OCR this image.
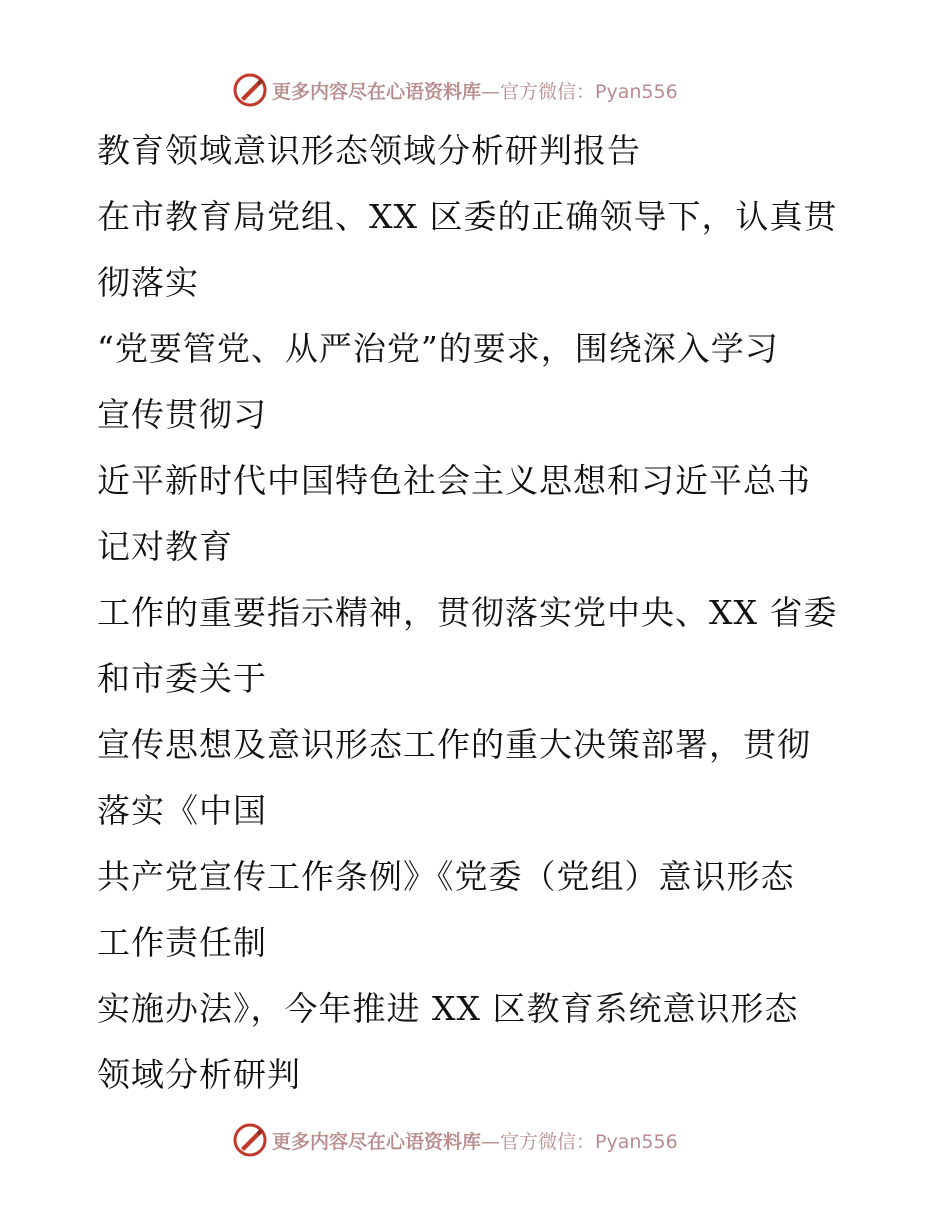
更多内容尽在心语资料库—官方微信：Pyan556
教育领域意识形态领域分析研判报告
在市教育局党组、XX 区委的正确领导下，认真贯
彻落实
“党要管党、从严治党”的要求，围绕深入学习
宣传贯彻习
近平新时代中国特色社会主义思想和习近平总书
记对教育
工作的重要指示精神，贯彻落实党中央、XX 省委
和市委关于
宣传思想及意识形态工作的重大决策部署，贯彻
落实《中国
共产党宣传工作条例》《党委（党组）意识形态
工作责任制
实施办法》，今年推进 XX 区教育系统意识形态
领域分析研判
更多内容尽在心语资料库—官方微信：Pyan556
